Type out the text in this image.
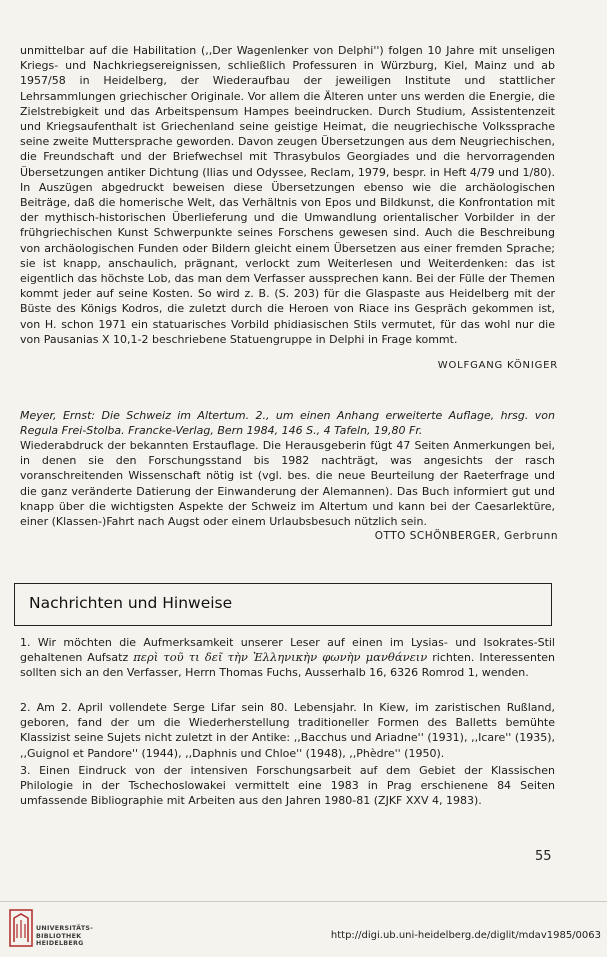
unmittelbar auf die Habilitation (,,Der Wagenlenker von Delphi'') folgen 10 Jahre mit unseligen Kriegs- und Nachkriegsereignissen, schließlich Professuren in Würzburg, Kiel, Mainz und ab 1957/58 in Heidelberg, der Wiederaufbau der jeweiligen Institute und stattlicher Lehrsammlungen griechischer Originale. Vor allem die Älteren unter uns werden die Energie, die Zielstrebigkeit und das Arbeitspensum Hampes beeindrucken. Durch Studium, Assistentenzeit und Kriegsaufenthalt ist Griechenland seine geistige Heimat, die neugriechische Volkssprache seine zweite Muttersprache geworden. Davon zeugen Übersetzungen aus dem Neugriechischen, die Freundschaft und der Briefwechsel mit Thrasybulos Georgiades und die hervorragenden Übersetzungen antiker Dichtung (Ilias und Odyssee, Reclam, 1979, bespr. in Heft 4/79 und 1/80). In Auszügen abgedruckt beweisen diese Übersetzungen ebenso wie die archäologischen Beiträge, daß die homerische Welt, das Verhältnis von Epos und Bildkunst, die Konfrontation mit der mythisch-historischen Überlieferung und die Umwandlung orientalischer Vorbilder in der frühgriechischen Kunst Schwerpunkte seines Forschens gewesen sind. Auch die Beschreibung von archäologischen Funden oder Bildern gleicht einem Übersetzen aus einer fremden Sprache; sie ist knapp, anschaulich, prägnant, verlockt zum Weiterlesen und Weiterdenken: das ist eigentlich das höchste Lob, das man dem Verfasser aussprechen kann. Bei der Fülle der Themen kommt jeder auf seine Kosten. So wird z. B. (S. 203) für die Glaspaste aus Heidelberg mit der Büste des Königs Kodros, die zuletzt durch die Heroen von Riace ins Gespräch gekommen ist, von H. schon 1971 ein statuarisches Vorbild phidiasischen Stils vermutet, für das wohl nur die von Pausanias X 10,1-2 beschriebene Statuengruppe in Delphi in Frage kommt.

WOLFGANG KÖNIGER

Meyer, Ernst: Die Schweiz im Altertum. 2., um einen Anhang erweiterte Auflage, hrsg. von Regula Frei-Stolba. Francke-Verlag, Bern 1984, 146 S., 4 Tafeln, 19,80 Fr.

Wiederabdruck der bekannten Erstauflage. Die Herausgeberin fügt 47 Seiten Anmerkungen bei, in denen sie den Forschungsstand bis 1982 nachträgt, was angesichts der rasch voranschreitenden Wissenschaft nötig ist (vgl. bes. die neue Beurteilung der Raeterfrage und die ganz veränderte Datierung der Einwanderung der Alemannen). Das Buch informiert gut und knapp über die wichtigsten Aspekte der Schweiz im Altertum und kann bei der Caesarlektüre, einer (Klassen-)Fahrt nach Augst oder einem Urlaubsbesuch nützlich sein.

OTTO SCHÖNBERGER, Gerbrunn

Nachrichten und Hinweise

1. Wir möchten die Aufmerksamkeit unserer Leser auf einen im Lysias- und Isokrates-Stil gehaltenen Aufsatz περὶ τοῦ τι δεῖ τὴν Ἑλληνικὴν φωνὴν μανθάνειν richten. Interessenten sollten sich an den Verfasser, Herrn Thomas Fuchs, Ausserhalb 16, 6326 Romrod 1, wenden.

2. Am 2. April vollendete Serge Lifar sein 80. Lebensjahr. In Kiew, im zaristischen Rußland, geboren, fand der um die Wiederherstellung traditioneller Formen des Balletts bemühte Klassizist seine Sujets nicht zuletzt in der Antike: ,,Bacchus und Ariadne'' (1931), ,,Icare'' (1935), ,,Guignol et Pandore'' (1944), ,,Daphnis und Chloe'' (1948), ,,Phèdre'' (1950).

3. Einen Eindruck von der intensiven Forschungsarbeit auf dem Gebiet der Klassischen Philologie in der Tschechoslowakei vermittelt eine 1983 in Prag erschienene 84 Seiten umfassende Bibliographie mit Arbeiten aus den Jahren 1980-81 (ZJKF XXV 4, 1983).

55
UNIVERSITÄTS-BIBLIOTHEK HEIDELBERG
http://digi.ub.uni-heidelberg.de/diglit/mdav1985/0063
